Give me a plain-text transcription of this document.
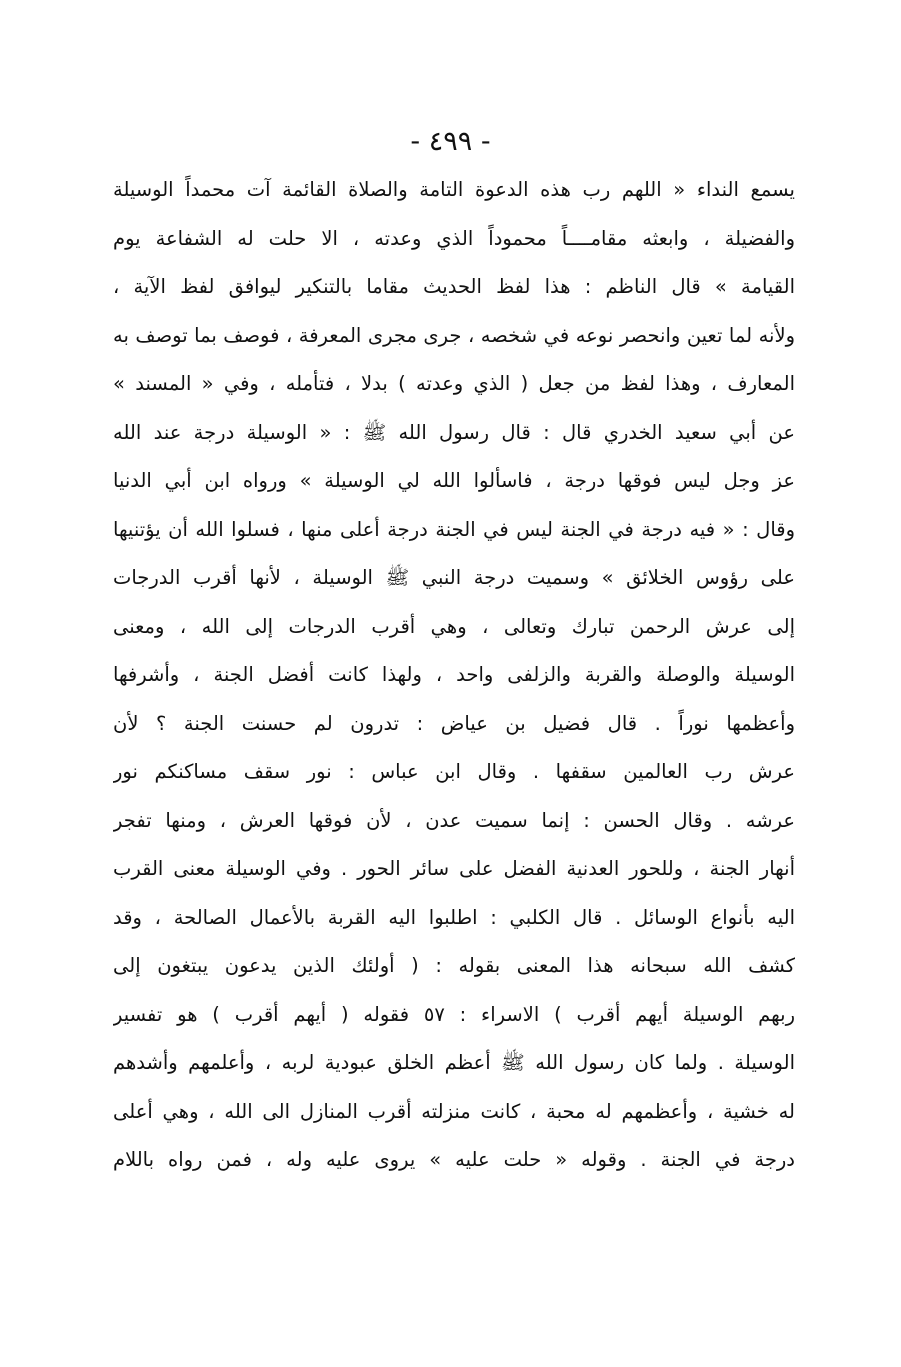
- ٤٩٩ -
يسمع النداء « اللهم رب هذه الدعوة التامة والصلاة القائمة آت محمداً الوسيلة
والفضيلة ، وابعثه مقامــــاً محموداً الذي وعدته ، الا حلت له الشفاعة يوم
القيامة » قال الناظم : هذا لفظ الحديث مقاما بالتنكير ليوافق لفظ الآية ،
ولأنه لما تعين وانحصر نوعه في شخصه ، جرى مجرى المعرفة ، فوصف بما توصف به
المعارف ، وهذا لفظ من جعل ( الذي وعدته ) بدلا ، فتأمله ، وفي « المسند »
عن أبي سعيد الخدري قال : قال رسول الله ﷺ : « الوسيلة درجة عند الله
عز وجل ليس فوقها درجة ، فاسألوا الله لي الوسيلة » ورواه ابن أبي الدنيا
وقال : « فيه درجة في الجنة ليس في الجنة درجة أعلى منها ، فسلوا الله أن يؤتنيها
على رؤوس الخلائق » وسميت درجة النبي ﷺ الوسيلة ، لأنها أقرب الدرجات
إلى عرش الرحمن تبارك وتعالى ، وهي أقرب الدرجات إلى الله ، ومعنى
الوسيلة والوصلة والقربة والزلفى واحد ، ولهذا كانت أفضل الجنة ، وأشرفها
وأعظمها نوراً . قال فضيل بن عياض : تدرون لم حسنت الجنة ؟ لأن
عرش رب العالمين سقفها . وقال ابن عباس : نور سقف مساكنكم نور
عرشه . وقال الحسن : إنما سميت عدن ، لأن فوقها العرش ، ومنها تفجر
أنهار الجنة ، وللحور العدنية الفضل على سائر الحور . وفي الوسيلة معنى القرب
اليه بأنواع الوسائل . قال الكلبي : اطلبوا اليه القربة بالأعمال الصالحة ، وقد
كشف الله سبحانه هذا المعنى بقوله : ( أولئك الذين يدعون يبتغون إلى
ربهم الوسيلة أيهم أقرب ) الاسراء : ٥٧ فقوله ( أيهم أقرب ) هو تفسير
الوسيلة . ولما كان رسول الله ﷺ أعظم الخلق عبودية لربه ، وأعلمهم وأشدهم
له خشية ، وأعظمهم له محبة ، كانت منزلته أقرب المنازل الى الله ، وهي أعلى
درجة في الجنة . وقوله « حلت عليه » يروى عليه وله ، فمن رواه باللام
